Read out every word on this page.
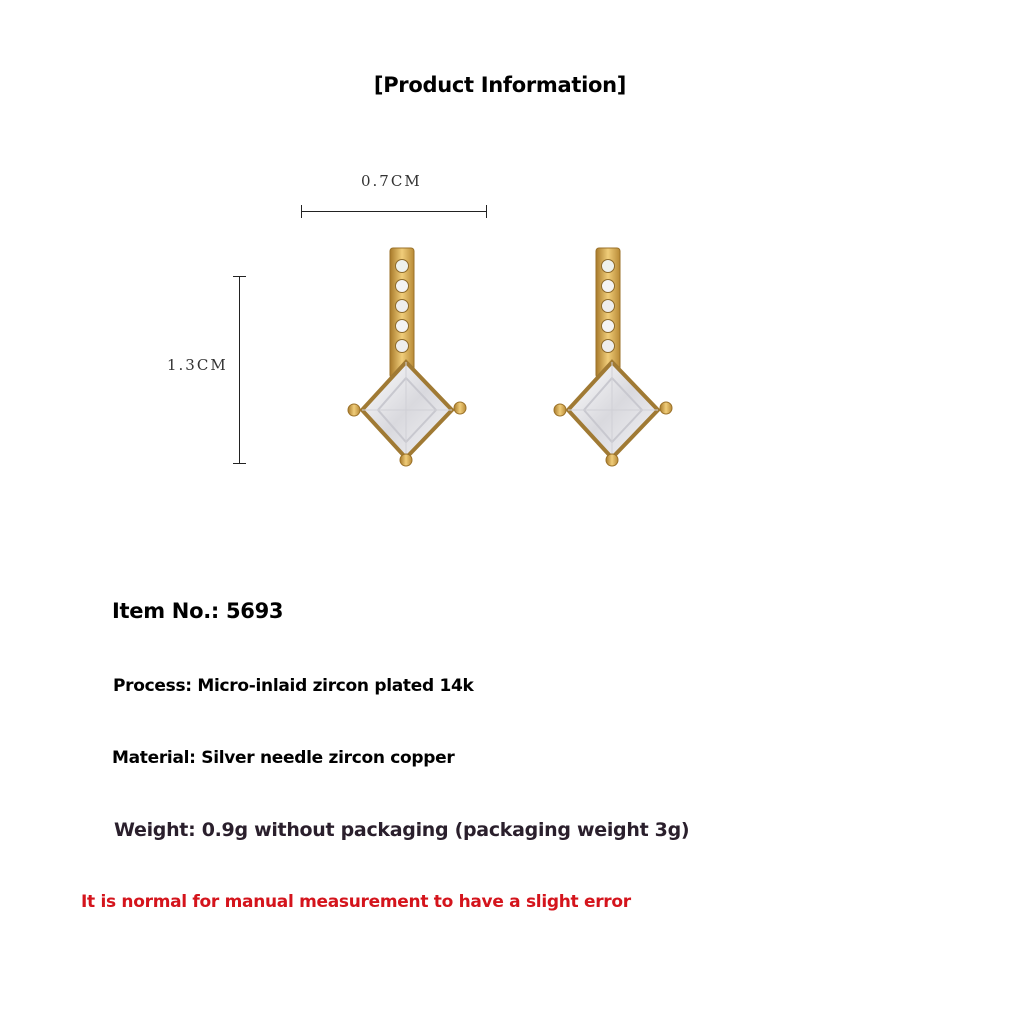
[Product Information]
0.7CM
1.3CM
Item No.: 5693
Process: Micro-inlaid zircon plated 14k
Material: Silver needle zircon copper
Weight: 0.9g without packaging (packaging weight 3g)
It is normal for manual measurement to have a slight error
